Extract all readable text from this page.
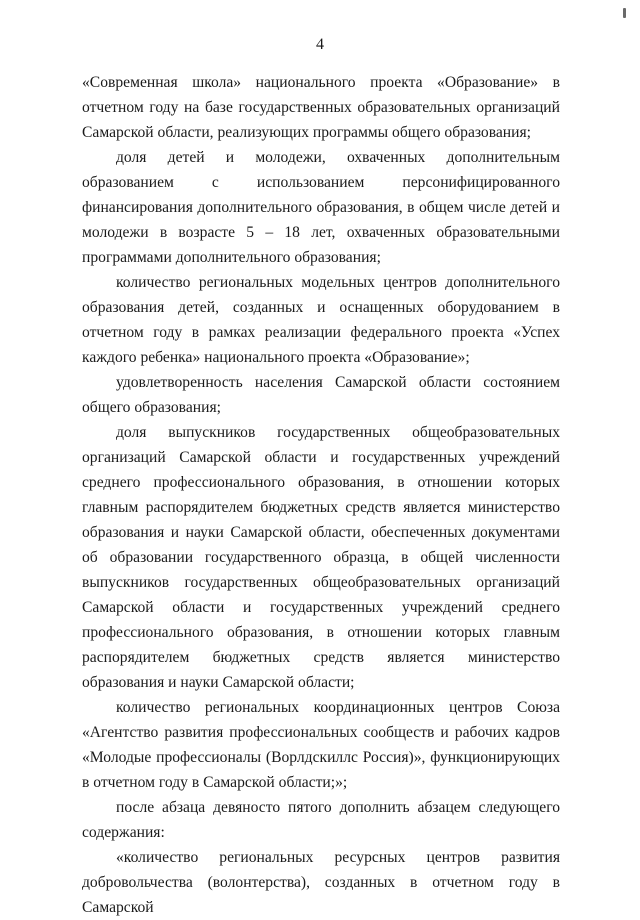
4

«Современная школа» национального проекта «Образование» в отчетном году на базе государственных образовательных организаций Самарской области, реализующих программы общего образования;

доля детей и молодежи, охваченных дополнительным образованием с использованием персонифицированного финансирования дополнительного образования, в общем числе детей и молодежи в возрасте 5 – 18 лет, охваченных образовательными программами дополнительного образования;

количество региональных модельных центров дополнительного образования детей, созданных и оснащенных оборудованием в отчетном году в рамках реализации федерального проекта «Успех каждого ребенка» национального проекта «Образование»;

удовлетворенность населения Самарской области состоянием общего образования;

доля выпускников государственных общеобразовательных организаций Самарской области и государственных учреждений среднего профессионального образования, в отношении которых главным распорядителем бюджетных средств является министерство образования и науки Самарской области, обеспеченных документами об образовании государственного образца, в общей численности выпускников государственных общеобразовательных организаций Самарской области и государственных учреждений среднего профессионального образования, в отношении которых главным распорядителем бюджетных средств является министерство образования и науки Самарской области;

количество региональных координационных центров Союза «Агентство развития профессиональных сообществ и рабочих кадров «Молодые профессионалы (Ворлдскиллс Россия)», функционирующих в отчетном году в Самарской области;»;

после абзаца девяносто пятого дополнить абзацем следующего содержания:

«количество региональных ресурсных центров развития добровольчества (волонтерства), созданных в отчетном году в Самарской
